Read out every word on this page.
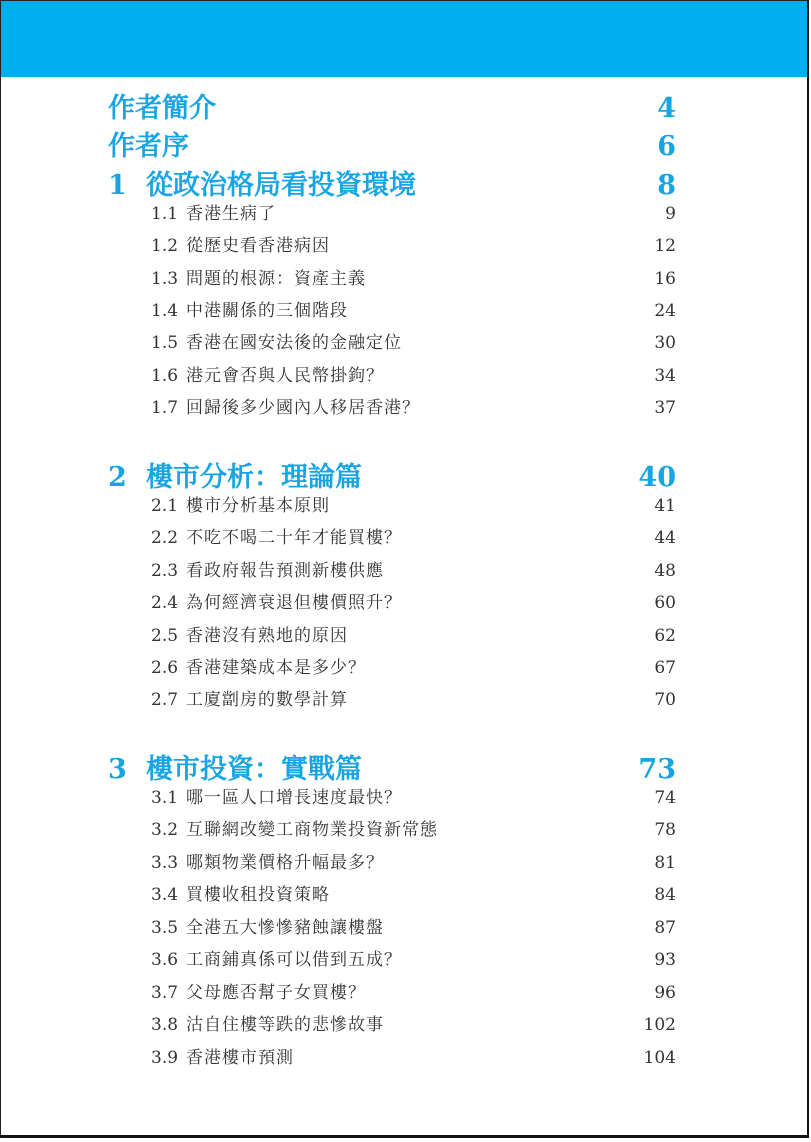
作者簡介	4
作者序	6
1 從政治格局看投資環境	8
1.1 香港生病了	9
1.2 從歷史看香港病因	12
1.3 問題的根源：資產主義	16
1.4 中港關係的三個階段	24
1.5 香港在國安法後的金融定位	30
1.6 港元會否與人民幣掛鉤？	34
1.7 回歸後多少國內人移居香港？	37
2 樓市分析：理論篇	40
2.1 樓市分析基本原則	41
2.2 不吃不喝二十年才能買樓？	44
2.3 看政府報告預測新樓供應	48
2.4 為何經濟衰退但樓價照升？	60
2.5 香港沒有熟地的原因	62
2.6 香港建築成本是多少？	67
2.7 工廈劏房的數學計算	70
3 樓市投資：實戰篇	73
3.1 哪一區人口增長速度最快？	74
3.2 互聯網改變工商物業投資新常態	78
3.3 哪類物業價格升幅最多？	81
3.4 買樓收租投資策略	84
3.5 全港五大慘慘豬蝕讓樓盤	87
3.6 工商鋪真係可以借到五成？	93
3.7 父母應否幫子女買樓？	96
3.8 沽自住樓等跌的悲慘故事	102
3.9 香港樓市預測	104
